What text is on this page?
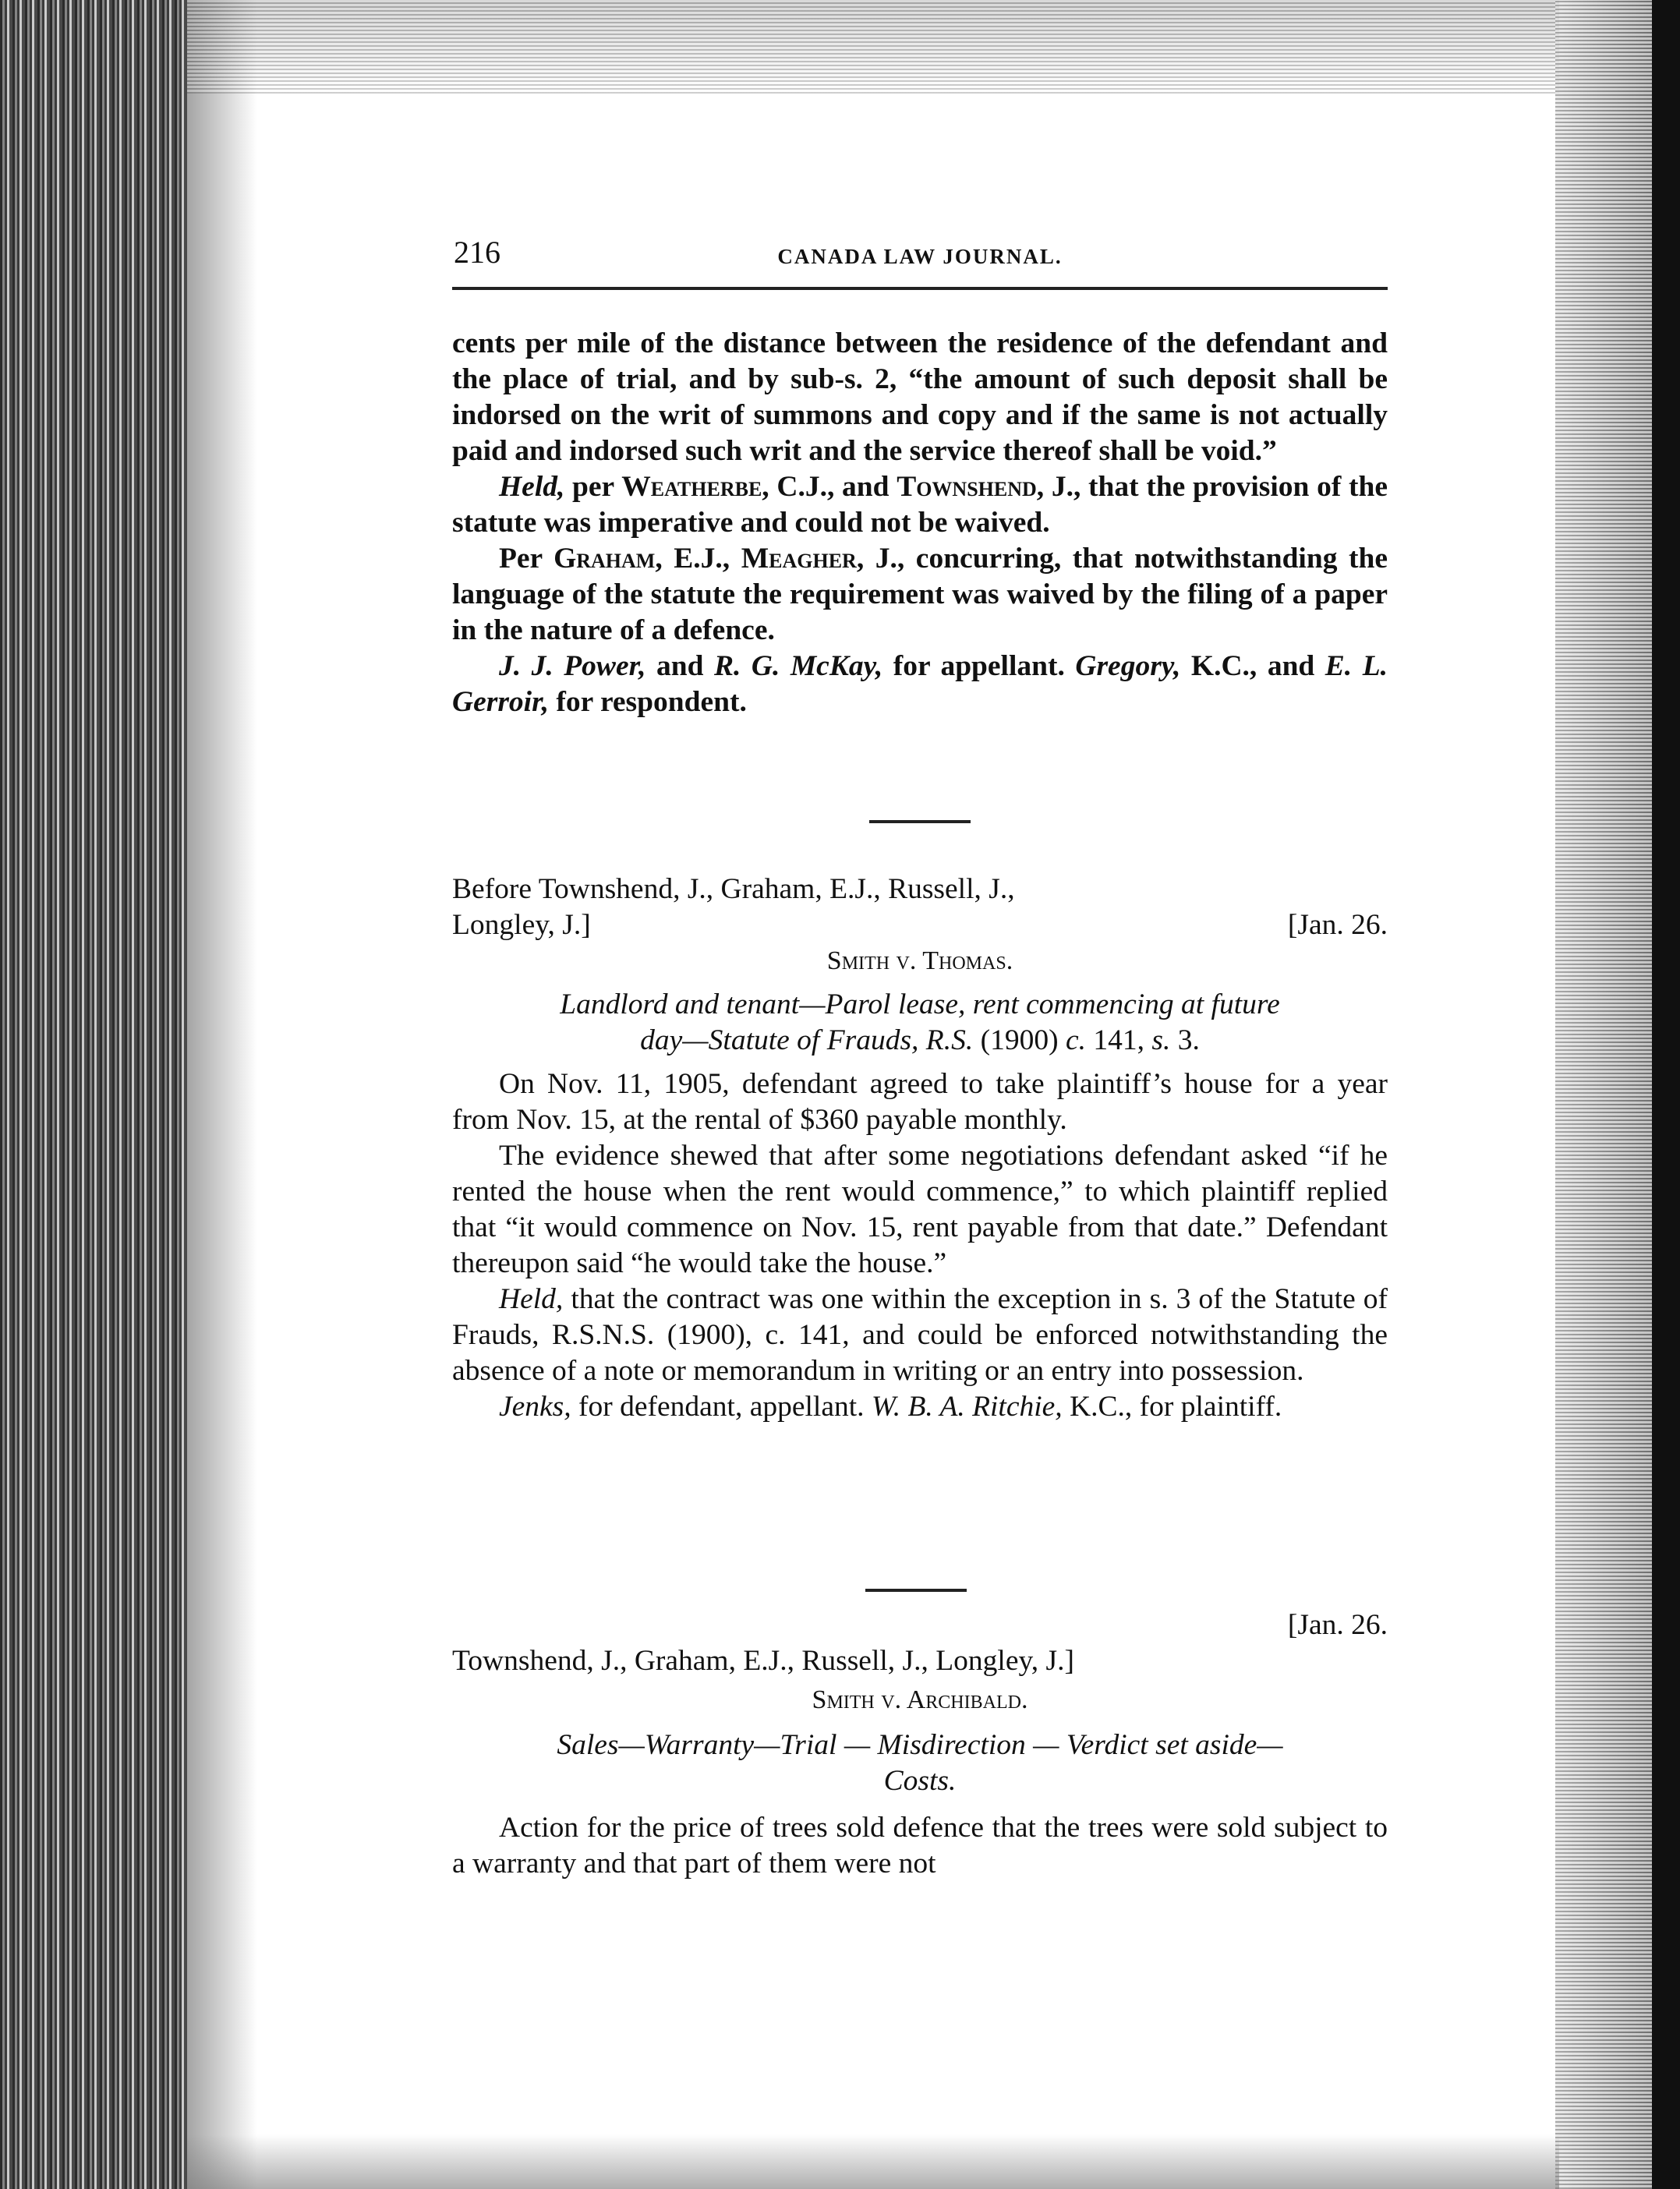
216	CANADA LAW JOURNAL.

cents per mile of the distance between the residence of the defendant and the place of trial, and by sub-s. 2, “the amount of such deposit shall be indorsed on the writ of summons and copy and if the same is not actually paid and indorsed such writ and the service thereof shall be void.”

Held, per Weatherbe, C.J., and Townshend, J., that the provision of the statute was imperative and could not be waived.

Per Graham, E.J., Meagher, J., concurring, that notwithstanding the language of the statute the requirement was waived by the filing of a paper in the nature of a defence.

J. J. Power, and R. G. McKay, for appellant. Gregory, K.C., and E. L. Gerroir, for respondent.

Before Townshend, J., Graham, E.J., Russell, J.,
Longley, J.]	[Jan. 26.

Smith v. Thomas.

Landlord and tenant—Parol lease, rent commencing at future

day—Statute of Frauds, R.S. (1900) c. 141, s. 3.

On Nov. 11, 1905, defendant agreed to take plaintiff’s house for a year from Nov. 15, at the rental of $360 payable monthly.

The evidence shewed that after some negotiations defendant asked “if he rented the house when the rent would commence,” to which plaintiff replied that “it would commence on Nov. 15, rent payable from that date.” Defendant thereupon said “he would take the house.”

Held, that the contract was one within the exception in s. 3 of the Statute of Frauds, R.S.N.S. (1900), c. 141, and could be enforced notwithstanding the absence of a note or memorandum in writing or an entry into possession.

Jenks, for defendant, appellant. W. B. A. Ritchie, K.C., for plaintiff.

[Jan. 26.

Townshend, J., Graham, E.J., Russell, J., Longley, J.]

Smith v. Archibald.

Sales—Warranty—Trial — Misdirection — Verdict set aside—

Costs.

Action for the price of trees sold defence that the trees were sold subject to a warranty and that part of them were not
